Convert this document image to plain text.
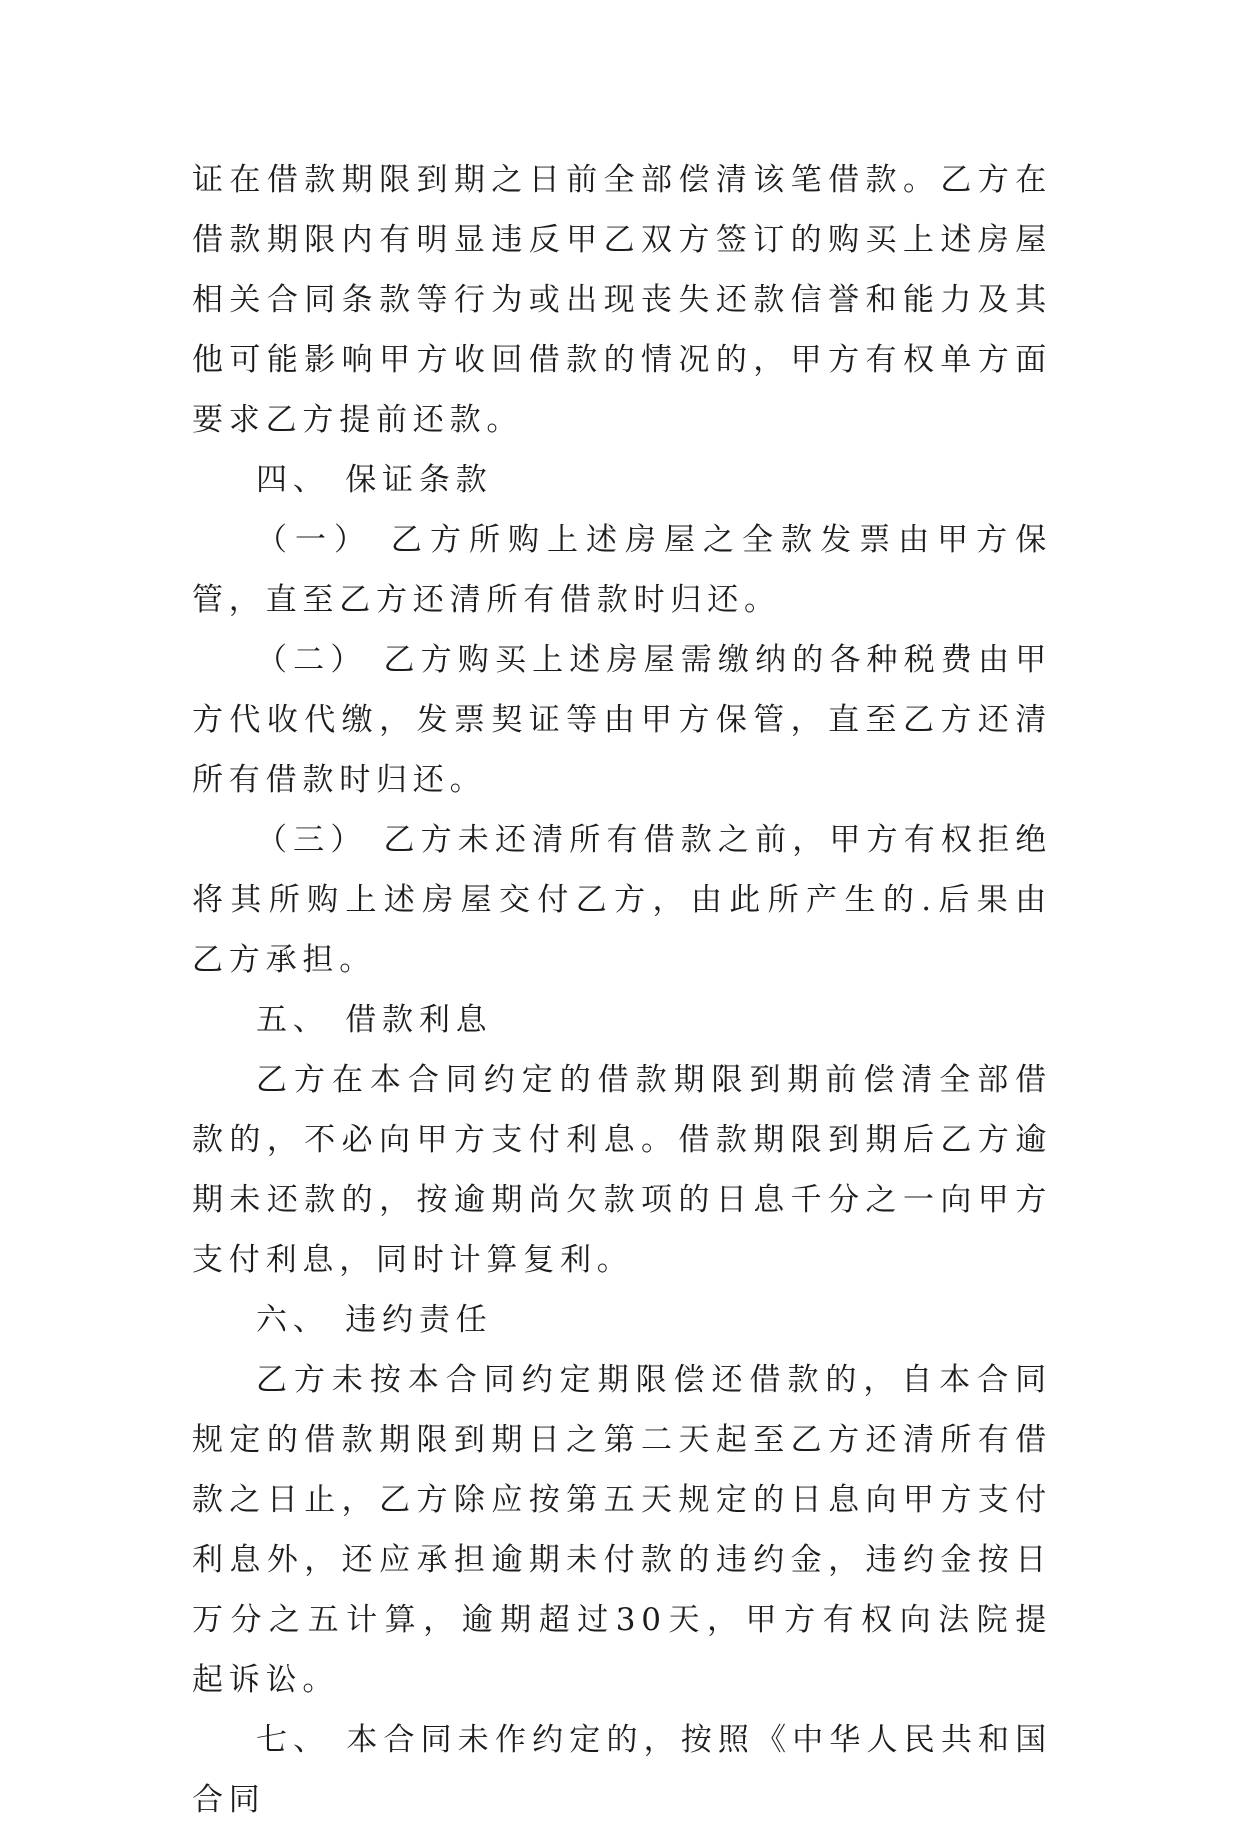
证在借款期限到期之日前全部偿清该笔借款。乙方在借款期限内有明显违反甲乙双方签订的购买上述房屋相关合同条款等行为或出现丧失还款信誉和能力及其他可能影响甲方收回借款的情况的，甲方有权单方面要求乙方提前还款。

四、 保证条款

（一） 乙方所购上述房屋之全款发票由甲方保管，直至乙方还清所有借款时归还。

（二） 乙方购买上述房屋需缴纳的各种税费由甲方代收代缴，发票契证等由甲方保管，直至乙方还清所有借款时归还。

（三） 乙方未还清所有借款之前，甲方有权拒绝将其所购上述房屋交付乙方，由此所产生的.后果由乙方承担。

五、 借款利息

乙方在本合同约定的借款期限到期前偿清全部借款的，不必向甲方支付利息。借款期限到期后乙方逾期未还款的，按逾期尚欠款项的日息千分之一向甲方支付利息，同时计算复利。

六、 违约责任

乙方未按本合同约定期限偿还借款的，自本合同规定的借款期限到期日之第二天起至乙方还清所有借款之日止，乙方除应按第五天规定的日息向甲方支付利息外，还应承担逾期未付款的违约金，违约金按日万分之五计算，逾期超过30天，甲方有权向法院提起诉讼。

七、 本合同未作约定的，按照《中华人民共和国合同
